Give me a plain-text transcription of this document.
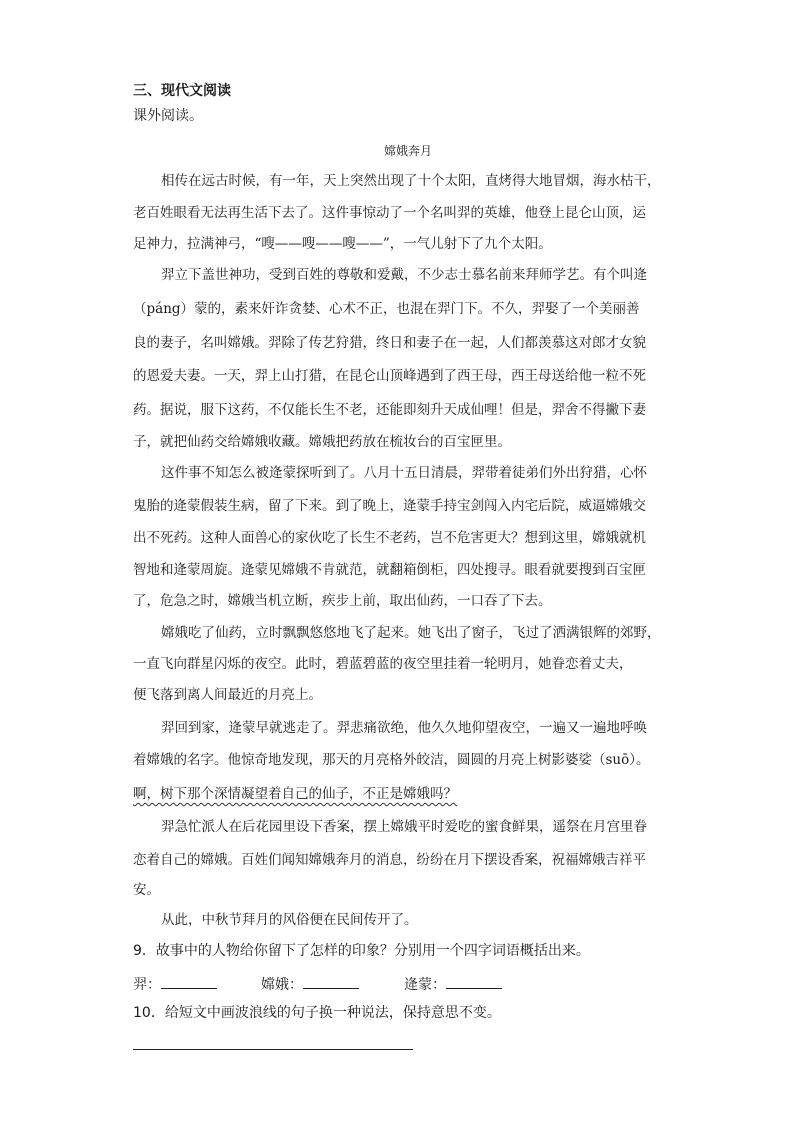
三、现代文阅读
课外阅读。
嫦娥奔月
相传在远古时候，有一年，天上突然出现了十个太阳，直烤得大地冒烟，海水枯干，
老百姓眼看无法再生活下去了。这件事惊动了一个名叫羿的英雄，他登上昆仑山顶，运
足神力，拉满神弓，“嗖——嗖——嗖——”，一气儿射下了九个太阳。
羿立下盖世神功，受到百姓的尊敬和爱戴，不少志士慕名前来拜师学艺。有个叫逄
（páng）蒙的，素来奸诈贪婪、心术不正，也混在羿门下。不久，羿娶了一个美丽善
良的妻子，名叫嫦娥。羿除了传艺狩猎，终日和妻子在一起，人们都羡慕这对郎才女貌
的恩爱夫妻。一天，羿上山打猎，在昆仑山顶峰遇到了西王母，西王母送给他一粒不死
药。据说，服下这药，不仅能长生不老，还能即刻升天成仙哩！但是，羿舍不得撇下妻
子，就把仙药交给嫦娥收藏。嫦娥把药放在梳妆台的百宝匣里。
这件事不知怎么被逄蒙探听到了。八月十五日清晨，羿带着徒弟们外出狩猎，心怀
鬼胎的逄蒙假装生病，留了下来。到了晚上，逄蒙手持宝剑闯入内宅后院，威逼嫦娥交
出不死药。这种人面兽心的家伙吃了长生不老药，岂不危害更大？想到这里，嫦娥就机
智地和逄蒙周旋。逄蒙见嫦娥不肯就范，就翻箱倒柜，四处搜寻。眼看就要搜到百宝匣
了，危急之时，嫦娥当机立断，疾步上前，取出仙药，一口吞了下去。
嫦娥吃了仙药，立时飘飘悠悠地飞了起来。她飞出了窗子，飞过了洒满银辉的郊野，
一直飞向群星闪烁的夜空。此时，碧蓝碧蓝的夜空里挂着一轮明月，她眷恋着丈夫，
便飞落到离人间最近的月亮上。
羿回到家，逄蒙早就逃走了。羿悲痛欲绝，他久久地仰望夜空，一遍又一遍地呼唤
着嫦娥的名字。他惊奇地发现，那天的月亮格外皎洁，圆圆的月亮上树影婆娑（suō）。
啊，树下那个深情凝望着自己的仙子，不正是嫦娥吗？
羿急忙派人在后花园里设下香案，摆上嫦娥平时爱吃的蜜食鲜果，遥祭在月宫里眷
恋着自己的嫦娥。百姓们闻知嫦娥奔月的消息，纷纷在月下摆设香案，祝福嫦娥吉祥平
安。
从此，中秋节拜月的风俗便在民间传开了。
9．故事中的人物给你留下了怎样的印象？分别用一个四字词语概括出来。
羿：	嫦娥：	逄蒙：
10．给短文中画波浪线的句子换一种说法，保持意思不变。
